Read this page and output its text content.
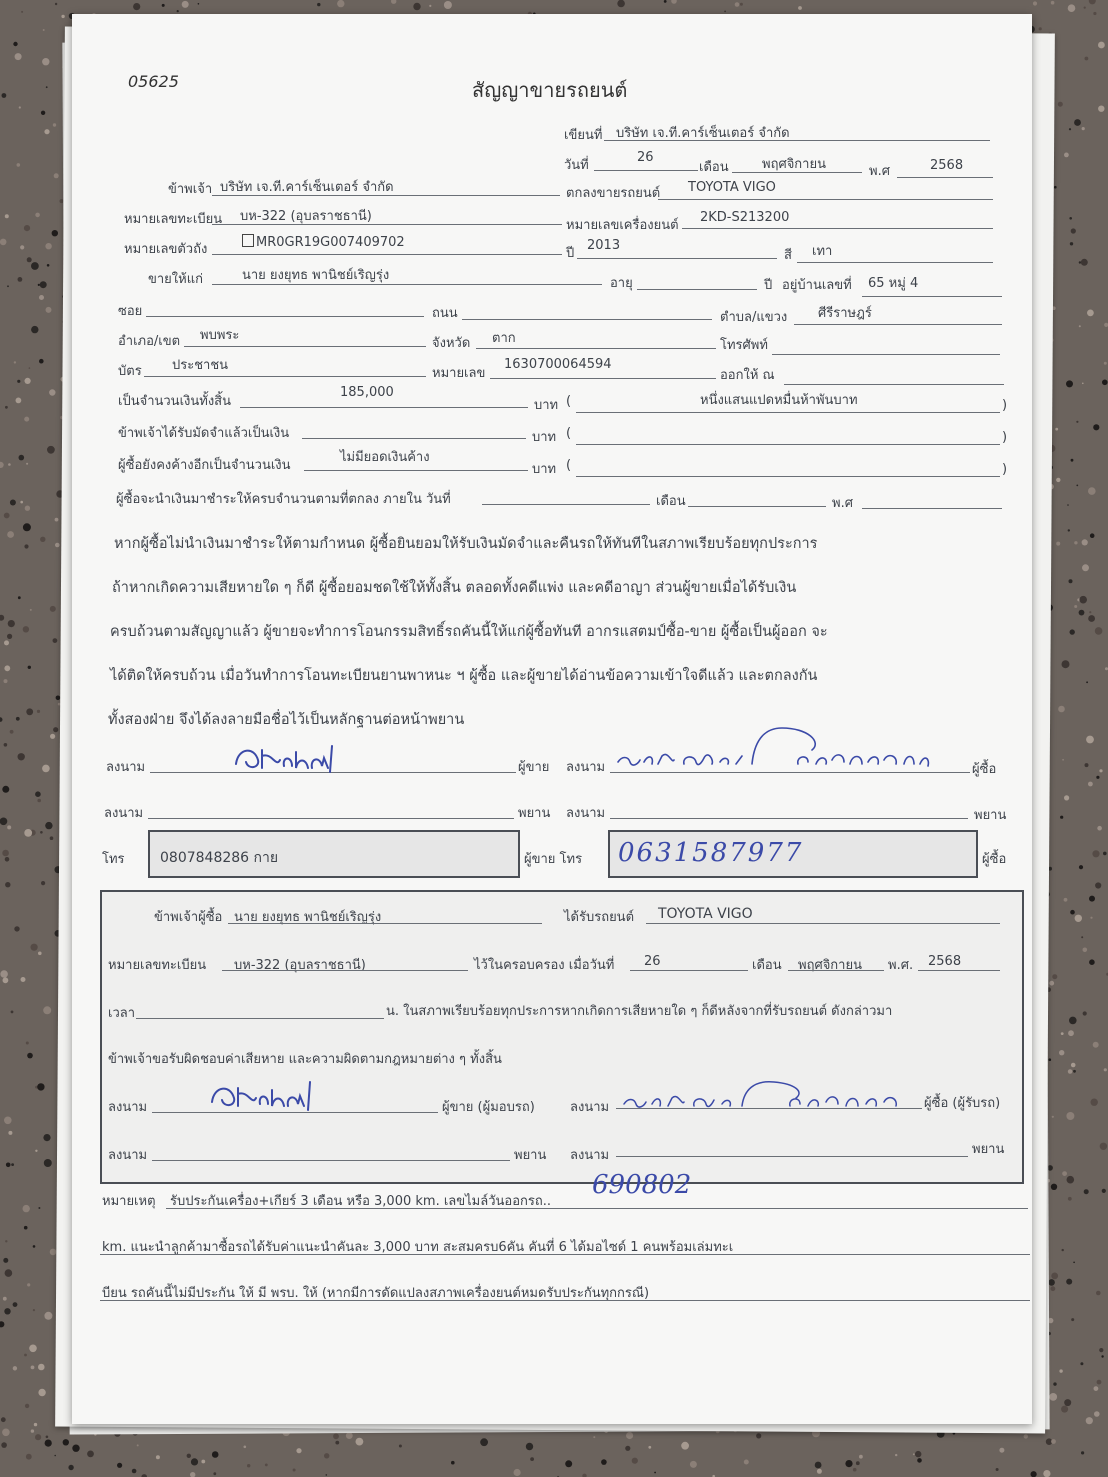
05625	สัญญาขายรถยนต์
เขียนที่ บริษัท เจ.ที.คาร์เซ็นเตอร์ จำกัด
วันที่
26
เดือน	พฤศจิกายน	พ.ศ	2568
ข้าพเจ้า บริษัท เจ.ที.คาร์เซ็นเตอร์ จำกัด	ตกลงขายรถยนต์ TOYOTA VIGO
หมายเลขทะเบียน บห-322 (อุบลราชธานี)
หมายเลขเครื่องยนต์
2KD-S213200
หมายเลขตัวถัง	MR0GR19G007409702
ปี
2013
สี เทา
ขายให้แก่	นาย ยงยุทธ พานิชย์เริญรุ่ง
อายุ	ปี อยู่บ้านเลขที่ 65 หมู่ 4
ซอย	ถนน	ตำบล/แขวง ศีรีราษฎร์
อำเภอ/เขต พบพระ
จังหวัด ตาก	โทรศัพท์
บัตร ประชาชน
หมายเลข
1630700064594
ออกให้ ณ
เป็นจำนวนเงินทั้งสิ้น
185,000
บาท (	หนึ่งแสนแปดหมื่นห้าพันบาท	)
ข้าพเจ้าได้รับมัดจำแล้วเป็นเงิน	บาท (	)
ผู้ซื้อยังคงค้างอีกเป็นจำนวนเงิน
ไม่มียอดเงินค้าง
บาท (	)
ผู้ซื้อจะนำเงินมาชำระให้ครบจำนวนตามที่ตกลง ภายใน วันที่	เดือน	พ.ศ
หากผู้ซื้อไม่นำเงินมาชำระให้ตามกำหนด ผู้ซื้อยินยอมให้รับเงินมัดจำและคืนรถให้ทันทีในสภาพเรียบร้อยทุกประการ
ถ้าหากเกิดความเสียหายใด ๆ ก็ดี ผู้ซื้อยอมชดใช้ให้ทั้งสิ้น ตลอดทั้งคดีแพ่ง และคดีอาญา ส่วนผู้ขายเมื่อได้รับเงิน
ครบถ้วนตามสัญญาแล้ว ผู้ขายจะทำการโอนกรรมสิทธิ์รถคันนี้ให้แก่ผู้ซื้อทันที อากรแสตมป์ซื้อ-ขาย ผู้ซื้อเป็นผู้ออก จะ
ได้ติดให้ครบถ้วน เมื่อวันทำการโอนทะเบียนยานพาหนะ ฯ ผู้ซื้อ และผู้ขายได้อ่านข้อความเข้าใจดีแล้ว และตกลงกัน
ทั้งสองฝ่าย จึงได้ลงลายมือชื่อไว้เป็นหลักฐานต่อหน้าพยาน
ลงนาม	ผู้ขาย ลงนาม	ผู้ซื้อ
ลงนาม	พยาน ลงนาม	พยาน
โทร	0807848286 กาย	ผู้ขาย โทร 0631587977	ผู้ซื้อ
ข้าพเจ้าผู้ซื้อ นาย ยงยุทธ พานิชย์เริญรุ่ง	ได้รับรถยนต์ TOYOTA VIGO
หมายเลขทะเบียน บห-322 (อุบลราชธานี)	ไว้ในครอบครอง เมื่อวันที่ 26	เดือน พฤศจิกายน พ.ศ. 2568
เวลา	น. ในสภาพเรียบร้อยทุกประการหากเกิดการเสียหายใด ๆ ก็ดีหลังจากที่รับรถยนต์ ดังกล่าวมา
ข้าพเจ้าขอรับผิดชอบค่าเสียหาย และความผิดตามกฎหมายต่าง ๆ ทั้งสิ้น
ลงนาม	ผู้ขาย (ผู้มอบรถ)	ลงนาม	ผู้ซื้อ (ผู้รับรถ)
ลงนาม	พยาน ลงนาม	พยาน
หมายเหตุ รับประกันเครื่อง+เกียร์ 3 เดือน หรือ 3,000 km. เลขไมล์วันออกรถ..
690802
km. แนะนำลูกค้ามาซื้อรถได้รับค่าแนะนำคันละ 3,000 บาท สะสมครบ6คัน คันที่ 6 ได้มอไซด์ 1 คนพร้อมเล่มทะเ
บียน รถคันนี้ไม่มีประกัน ให้ มี พรบ. ให้ (หากมีการดัดแปลงสภาพเครื่องยนต์หมดรับประกันทุกกรณี)
